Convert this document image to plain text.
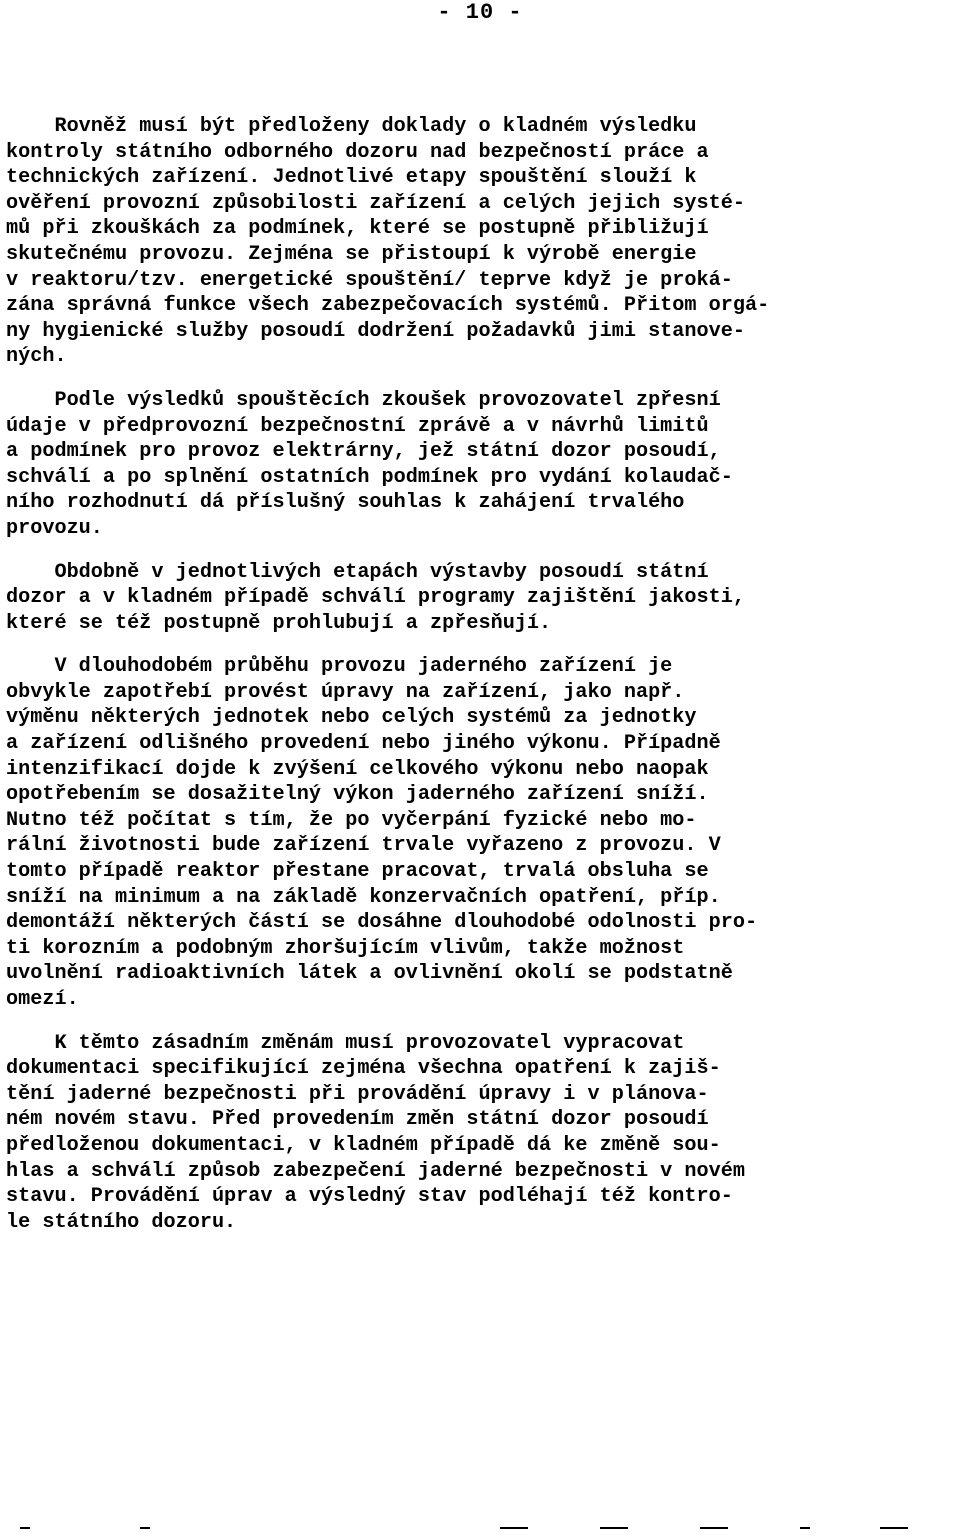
- 10 -
Rovněž musí být předloženy doklady o kladném výsledku
kontroly státního odborného dozoru nad bezpečností práce a
technických zařízení. Jednotlivé etapy spouštění slouží k
ověření provozní způsobilosti zařízení a celých jejich systé-
mů při zkouškách za podmínek, které se postupně přibližují
skutečnému provozu. Zejména se přistoupí k výrobě energie
v reaktoru/tzv. energetické spouštění/ teprve když je proká-
zána správná funkce všech zabezpečovacích systémů. Přitom orgá-
ny hygienické služby posoudí dodržení požadavků jimi stanove-
ných.
Podle výsledků spouštěcích zkoušek provozovatel zpřesní
údaje v předprovozní bezpečnostní zprávě a v návrhů limitů
a podmínek pro provoz elektrárny, jež státní dozor posoudí,
schválí a po splnění ostatních podmínek pro vydání kolaudač-
ního rozhodnutí dá příslušný souhlas k zahájení trvalého
provozu.
Obdobně v jednotlivých etapách výstavby posoudí státní
dozor a v kladném případě schválí programy zajištění jakosti,
které se též postupně prohlubují a zpřesňují.
V dlouhodobém průběhu provozu jaderného zařízení je
obvykle zapotřebí provést úpravy na zařízení, jako např.
výměnu některých jednotek nebo celých systémů za jednotky
a zařízení odlišného provedení nebo jiného výkonu. Případně
intenzifikací dojde k zvýšení celkového výkonu nebo naopak
opotřebením se dosažitelný výkon jaderného zařízení sníží.
Nutno též počítat s tím, že po vyčerpání fyzické nebo mo-
rální životnosti bude zařízení trvale vyřazeno z provozu. V
tomto případě reaktor přestane pracovat, trvalá obsluha se
sníží na minimum a na základě konzervačních opatření, příp.
demontáží některých částí se dosáhne dlouhodobé odolnosti pro-
ti korozním a podobným zhoršujícím vlivům, takže možnost
uvolnění radioaktivních látek a ovlivnění okolí se podstatně
omezí.
K těmto zásadním změnám musí provozovatel vypracovat
dokumentaci specifikující zejména všechna opatření k zajiš-
tění jaderné bezpečnosti při provádění úpravy i v plánova-
ném novém stavu. Před provedením změn státní dozor posoudí
předloženou dokumentaci, v kladném případě dá ke změně sou-
hlas a schválí způsob zabezpečení jaderné bezpečnosti v novém
stavu. Provádění úprav a výsledný stav podléhají též kontro-
le státního dozoru.
